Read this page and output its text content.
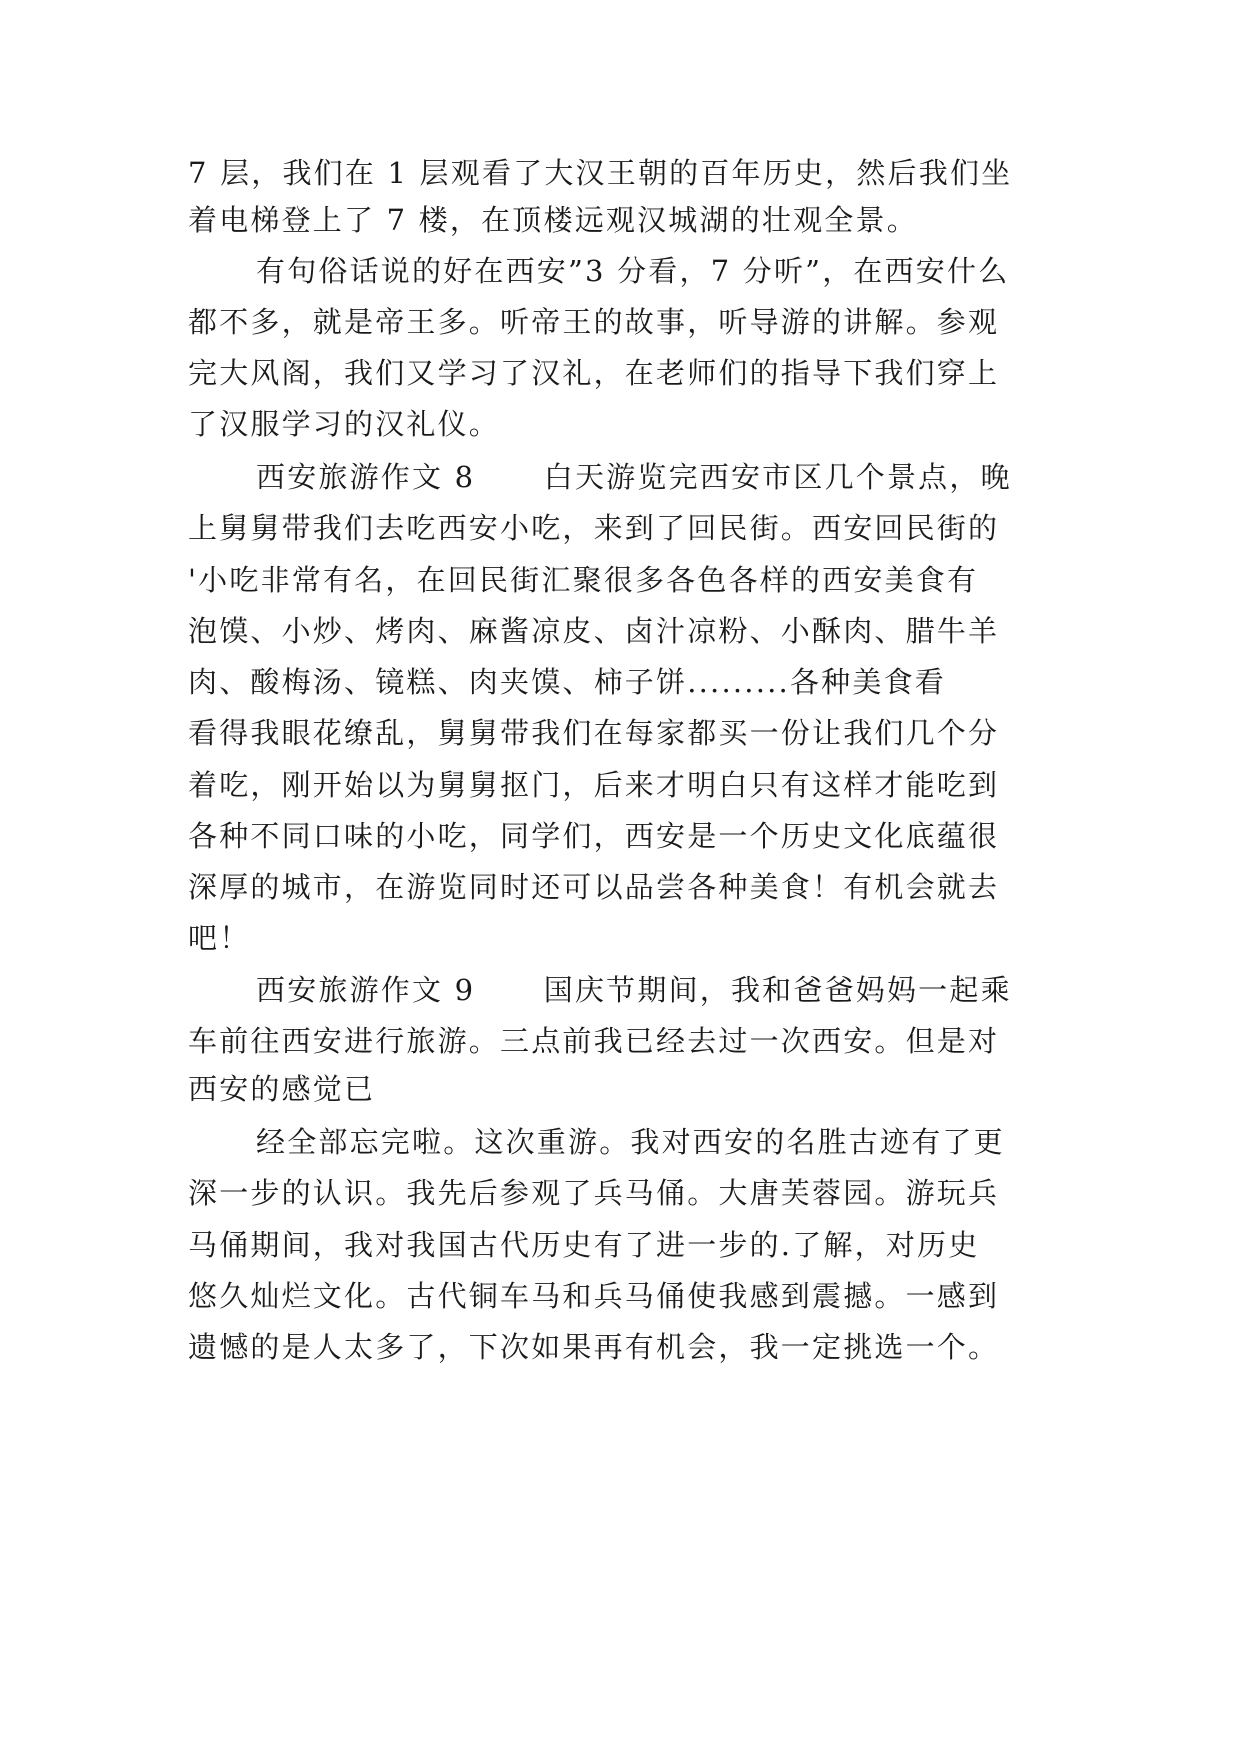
7 层，我们在 1 层观看了大汉王朝的百年历史，然后我们坐
着电梯登上了 7 楼，在顶楼远观汉城湖的壮观全景。
有句俗话说的好在西安”3 分看，7 分听”，在西安什么
都不多，就是帝王多。听帝王的故事，听导游的讲解。参观
完大风阁，我们又学习了汉礼，在老师们的指导下我们穿上
了汉服学习的汉礼仪。
西安旅游作文 8      白天游览完西安市区几个景点，晚
上舅舅带我们去吃西安小吃，来到了回民街。西安回民街的
'小吃非常有名，在回民街汇聚很多各色各样的西安美食有
泡馍、小炒、烤肉、麻酱凉皮、卤汁凉粉、小酥肉、腊牛羊
肉、酸梅汤、镜糕、肉夹馍、柿子饼.........各种美食看
看得我眼花缭乱，舅舅带我们在每家都买一份让我们几个分
着吃，刚开始以为舅舅抠门，后来才明白只有这样才能吃到
各种不同口味的小吃，同学们，西安是一个历史文化底蕴很
深厚的城市，在游览同时还可以品尝各种美食！有机会就去
吧！
西安旅游作文 9      国庆节期间，我和爸爸妈妈一起乘
车前往西安进行旅游。三点前我已经去过一次西安。但是对
西安的感觉已
经全部忘完啦。这次重游。我对西安的名胜古迹有了更
深一步的认识。我先后参观了兵马俑。大唐芙蓉园。游玩兵
马俑期间，我对我国古代历史有了进一步的.了解，对历史
悠久灿烂文化。古代铜车马和兵马俑使我感到震撼。一感到
遗憾的是人太多了，下次如果再有机会，我一定挑选一个。
